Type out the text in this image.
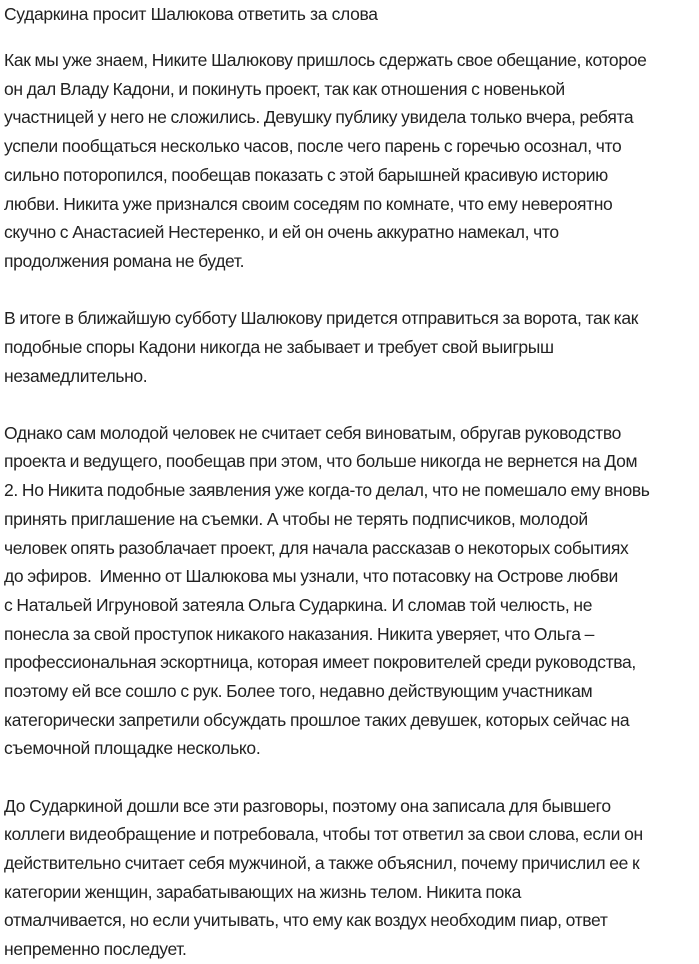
Сударкина просит Шалюкова ответить за слова

Как мы уже знаем, Никите Шалюкову пришлось сдержать свое обещание, которое
он дал Владу Кадони, и покинуть проект, так как отношения с новенькой
участницей у него не сложились. Девушку публику увидела только вчера, ребята
успели пообщаться несколько часов, после чего парень с горечью осознал, что
сильно поторопился, пообещав показать с этой барышней красивую историю
любви. Никита уже признался своим соседям по комнате, что ему невероятно
скучно с Анастасией Нестеренко, и ей он очень аккуратно намекал, что
продолжения романа не будет.

В итоге в ближайшую субботу Шалюкову придется отправиться за ворота, так как
подобные споры Кадони никогда не забывает и требует свой выигрыш
незамедлительно.

Однако сам молодой человек не считает себя виноватым, обругав руководство
проекта и ведущего, пообещав при этом, что больше никогда не вернется на Дом
2. Но Никита подобные заявления уже когда-то делал, что не помешало ему вновь
принять приглашение на съемки. А чтобы не терять подписчиков, молодой
человек опять разоблачает проект, для начала рассказав о некоторых событиях
до эфиров.  Именно от Шалюкова мы узнали, что потасовку на Острове любви
с Натальей Игруновой затеяла Ольга Сударкина. И сломав той челюсть, не
понесла за свой проступок никакого наказания. Никита уверяет, что Ольга –
профессиональная эскортница, которая имеет покровителей среди руководства,
поэтому ей все сошло с рук. Более того, недавно действующим участникам
категорически запретили обсуждать прошлое таких девушек, которых сейчас на
съемочной площадке несколько.

До Сударкиной дошли все эти разговоры, поэтому она записала для бывшего
коллеги видеобращение и потребовала, чтобы тот ответил за свои слова, если он
действительно считает себя мужчиной, а также объяснил, почему причислил ее к
категории женщин, зарабатывающих на жизнь телом. Никита пока
отмалчивается, но если учитывать, что ему как воздух необходим пиар, ответ
непременно последует.
